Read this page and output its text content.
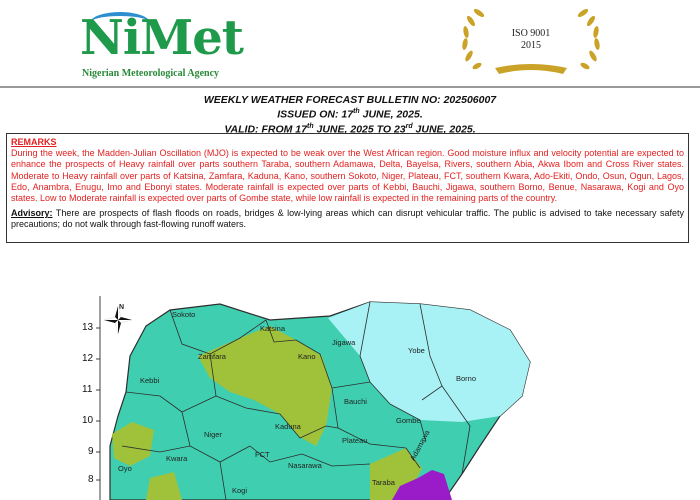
NiMet
Nigerian Meteorological Agency
ISO 9001
2015
WEEKLY WEATHER FORECAST BULLETIN NO: 202506007
ISSUED ON: 17th JUNE, 2025.
VALID: FROM 17th JUNE, 2025 TO 23rd JUNE, 2025.
REMARKS
During the week, the Madden-Julian Oscillation (MJO) is expected to be weak over the West African region. Good moisture influx and velocity potential are expected to enhance the prospects of Heavy rainfall over parts southern Taraba, southern Adamawa, Delta, Bayelsa, Rivers, southern Abia, Akwa Ibom and Cross River states. Moderate to Heavy rainfall over parts of Katsina, Zamfara, Kaduna, Kano, southern Sokoto, Niger, Plateau, FCT, southern Kwara, Ado-Ekiti, Ondo, Osun, Ogun, Lagos, Edo, Anambra, Enugu, Imo and Ebonyi states. Moderate rainfall is expected over parts of Kebbi, Bauchi, Jigawa, southern Borno, Benue, Nasarawa, Kogi and Oyo states. Low to Moderate rainfall is expected over parts of Gombe state, while low rainfall is expected in the remaining parts of the country.
Advisory: There are prospects of flash floods on roads, bridges & low-lying areas which can disrupt vehicular traffic. The public is advised to take necessary safety precautions; do not walk through fast-flowing runoff waters.
N
13
12
11
10
9
8
Sokoto
Katsina
Zamfara	Kano
Jigawa
Yobe
Kebbi	Borno
Bauchi
Kaduna
Niger
Gombe
Plateau
FCT
Kwara
Nasarawa
Oyo
Adamawa
Taraba
Kogi
